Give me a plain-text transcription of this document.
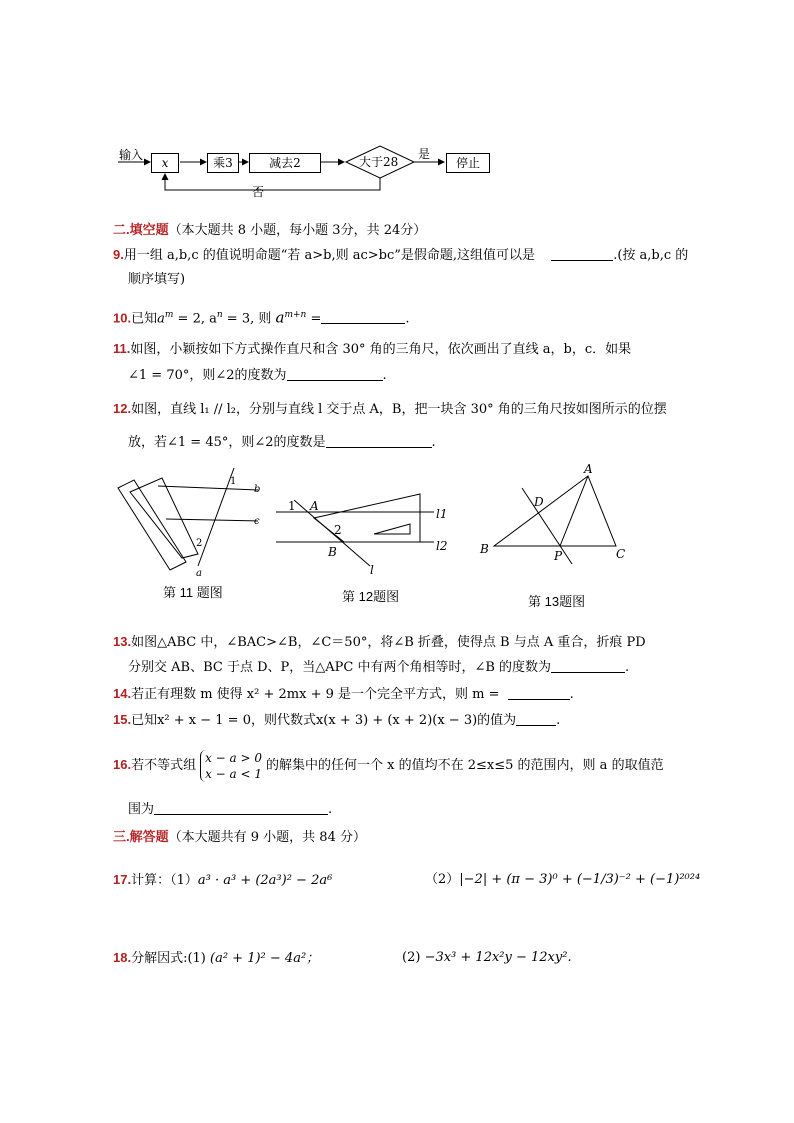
输入
x	乘3	减去2	大于28
是
停止
否
二.填空题（本大题共 8 小题，每小题 3分，共 24分）
9.用一组 a,b,c 的值说明命题“若 a>b,则 ac>bc”是假命题,这组值可以是	.(按 a,b,c 的
顺序填写)
10.已知$a^m = 2$, $a^n = 3$, 则 $a^{m+n}$ =	.
11.如图，小颖按如下方式操作直尺和含 30° 角的三角尺，依次画出了直线 a，b，c．如果
∠1 = 70°，则∠2的度数为	.
12.如图，直线 l₁ // l₂，分别与直线 l 交于点 A，B，把一块含 30° 角的三角尺按如图所示的位摆
放，若∠1 = 45°，则∠2的度数是	.
1
b
c
2
a
第 11 题图
1 A
2
B
l
l1
l2
第 12题图
A
D
B	P	C
第 13题图
13.如图△ABC 中，∠BAC>∠B，∠C＝50°，将∠B 折叠，使得点 B 与点 A 重合，折痕 PD
分别交 AB、BC 于点 D、P，当△APC 中有两个角相等时，∠B 的度数为	.
14.若正有理数 m 使得 x² + 2mx + 9 是一个完全平方式，则 m =	.
15.已知x² + x − 1 = 0，则代数式x(x + 3) + (x + 2)(x − 3)的值为	.
16.若不等式组x − a > 0
x − a < 1的解集中的任何一个 x 的值均不在 2≤x≤5 的范围内，则 a 的取值范
围为	.
三.解答题（本大题共有 9 小题，共 84 分）
17.计算：（1）a³ · a³ + (2a³)² − 2a⁶	（2）|−2| + (π − 3)⁰ + (−1/3)⁻² + (−1)²⁰²⁴
18.分解因式:(1) (a² + 1)² − 4a²；	(2) −3x³ + 12x²y − 12xy².
